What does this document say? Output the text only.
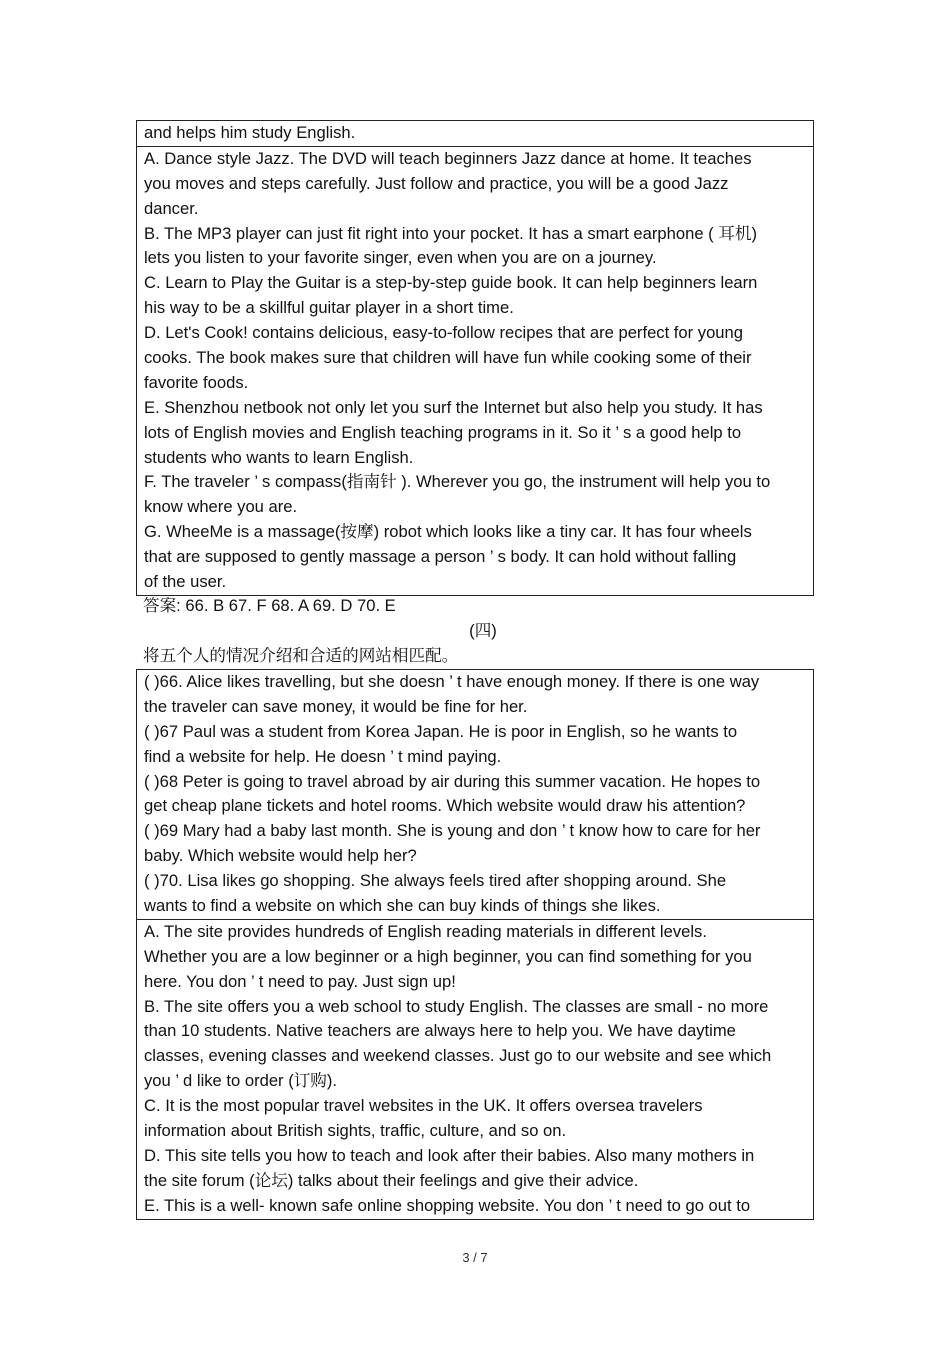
and helps him study English.
A. Dance style Jazz. The DVD will teach beginners Jazz dance at home. It teaches
you moves and steps carefully. Just follow and practice, you will be a good Jazz
dancer.
B. The MP3 player can just fit right into your pocket. It has a smart earphone ( 耳机)
lets you listen to your favorite singer, even when you are on a journey.
C. Learn to Play the Guitar is a step-by-step guide book. It can help beginners learn
his way to be a skillful guitar player in a short time.
D. Let's Cook! contains delicious, easy-to-follow recipes that are perfect for young
cooks. The book makes sure that children will have fun while cooking some of their
favorite foods.
E. Shenzhou netbook not only let you surf the Internet but also help you study. It has
lots of English movies and English teaching programs in it. So it ’ s a good help to
students who wants to learn English.
F. The traveler ’ s compass(指南针 ). Wherever you go, the instrument will help you to
know where you are.
G. WheeMe is a massage(按摩) robot which looks like a tiny car. It has four wheels
that are supposed to gently massage a person ’ s body. It can hold without falling
of the user.
答案: 66. B 67. F 68. A 69. D 70. E
(四)
将五个人的情况介绍和合适的网站相匹配。
( )66. Alice likes travelling, but she doesn ’ t have enough money. If there is one way
the traveler can save money, it would be fine for her.
( )67 Paul was a student from Korea Japan. He is poor in English, so he wants to
find a website for help. He doesn ’ t mind paying.
( )68 Peter is going to travel abroad by air during this summer vacation. He hopes to
get cheap plane tickets and hotel rooms. Which website would draw his attention?
( )69 Mary had a baby last month. She is young and don ’ t know how to care for her
baby. Which website would help her?
( )70. Lisa likes go shopping. She always feels tired after shopping around. She
wants to find a website on which she can buy kinds of things she likes.
A. The site provides hundreds of English reading materials in different levels.
Whether you are a low beginner or a high beginner, you can find something for you
here. You don ’ t need to pay. Just sign up!
B. The site offers you a web school to study English. The classes are small - no more
than 10 students. Native teachers are always here to help you. We have daytime
classes, evening classes and weekend classes. Just go to our website and see which
you ’ d like to order (订购).
C. It is the most popular travel websites in the UK. It offers oversea travelers
information about British sights, traffic, culture, and so on.
D. This site tells you how to teach and look after their babies. Also many mothers in
the site forum (论坛) talks about their feelings and give their advice.
E. This is a well- known safe online shopping website. You don ’ t need to go out to
3 / 7
